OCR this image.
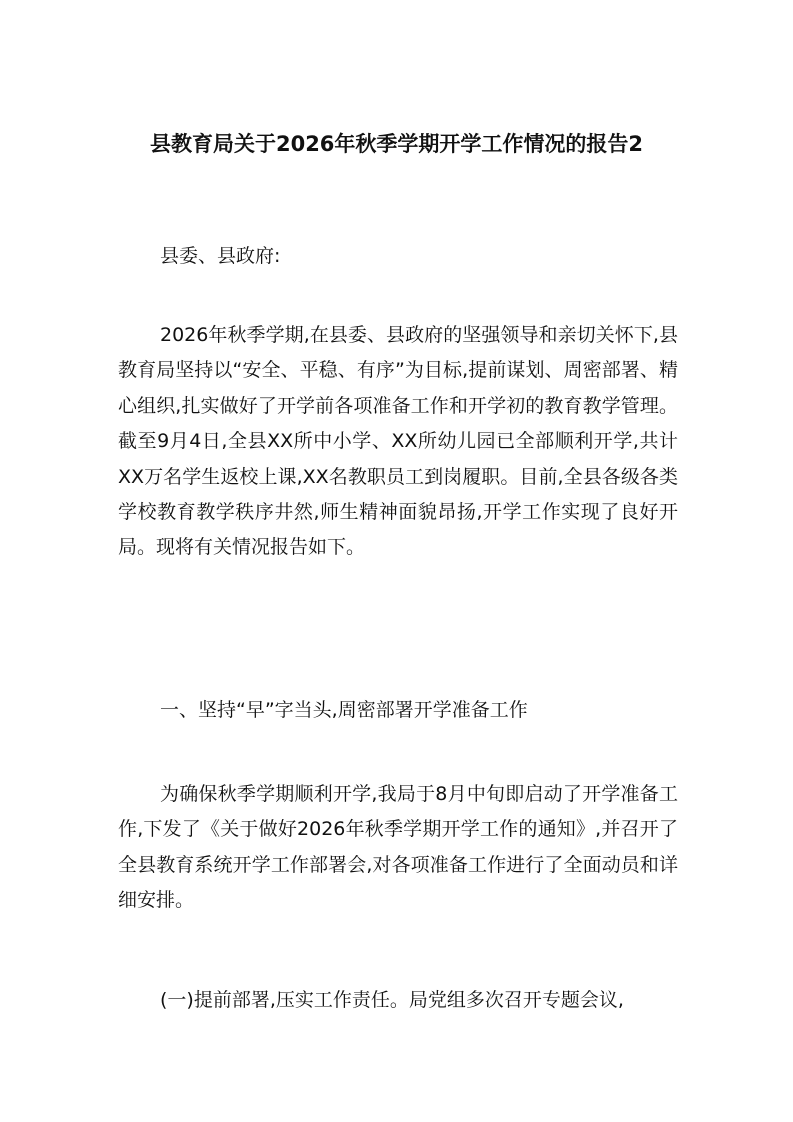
县教育局关于2026年秋季学期开学工作情况的报告2
县委、县政府:

2026年秋季学期,在县委、县政府的坚强领导和亲切关怀下,县教育局坚持以“安全、平稳、有序”为目标,提前谋划、周密部署、精心组织,扎实做好了开学前各项准备工作和开学初的教育教学管理。截至9月4日,全县XX所中小学、XX所幼儿园已全部顺利开学,共计XX万名学生返校上课,XX名教职员工到岗履职。目前,全县各级各类学校教育教学秩序井然,师生精神面貌昂扬,开学工作实现了良好开局。现将有关情况报告如下。

一、坚持“早”字当头,周密部署开学准备工作

为确保秋季学期顺利开学,我局于8月中旬即启动了开学准备工作,下发了《关于做好2026年秋季学期开学工作的通知》,并召开了全县教育系统开学工作部署会,对各项准备工作进行了全面动员和详细安排。

(一)提前部署,压实工作责任。局党组多次召开专题会议,
